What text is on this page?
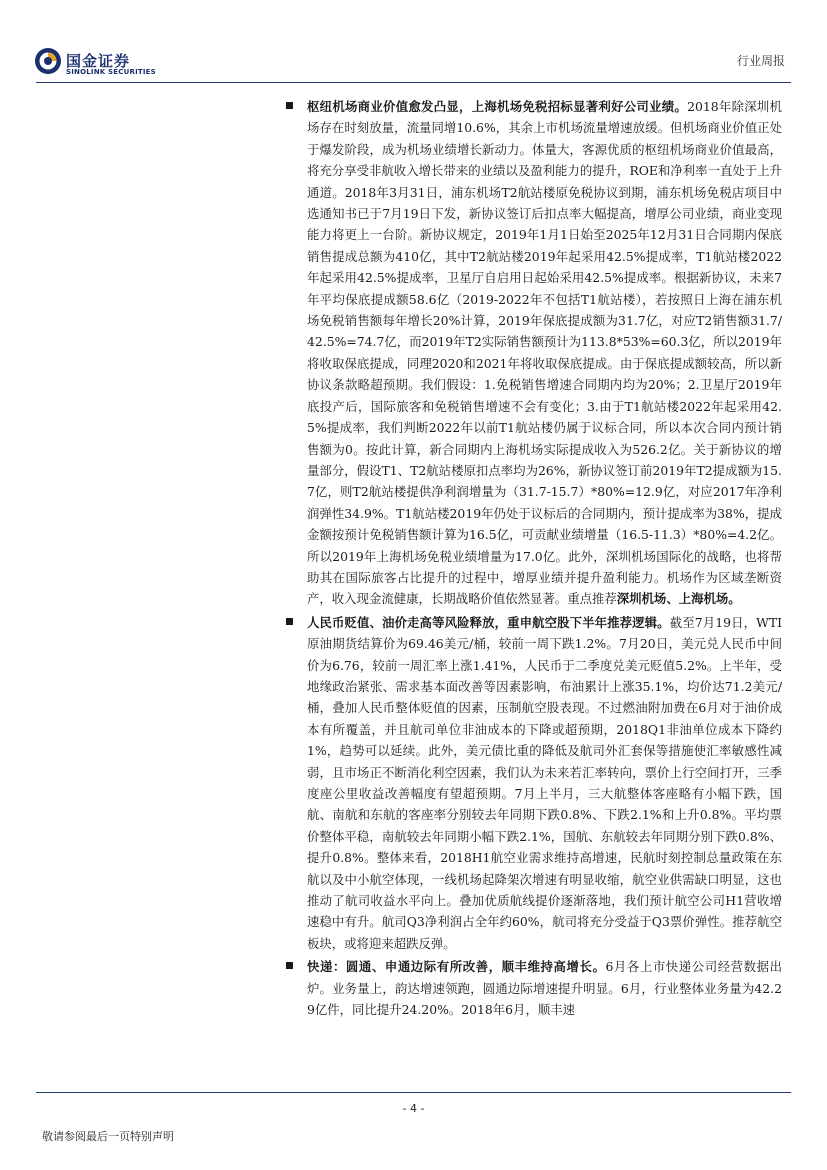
国金证券
SINOLINK SECURITIES
行业周报
枢纽机场商业价值愈发凸显，上海机场免税招标显著利好公司业绩。2018年除深圳机场存在时刻放量，流量同增10.6%，其余上市机场流量增速放缓。但机场商业价值正处于爆发阶段，成为机场业绩增长新动力。体量大，客源优质的枢纽机场商业价值最高，将充分享受非航收入增长带来的业绩以及盈利能力的提升，ROE和净利率一直处于上升通道。2018年3月31日，浦东机场T2航站楼原免税协议到期，浦东机场免税店项目中选通知书已于7月19日下发，新协议签订后扣点率大幅提高，增厚公司业绩，商业变现能力将更上一台阶。新协议规定，2019年1月1日始至2025年12月31日合同期内保底销售提成总额为410亿，其中T2航站楼2019年起采用42.5%提成率，T1航站楼2022年起采用42.5%提成率，卫星厅自启用日起始采用42.5%提成率。根据新协议，未来7年平均保底提成额58.6亿（2019-2022年不包括T1航站楼），若按照日上海在浦东机场免税销售额每年增长20%计算，2019年保底提成额为31.7亿，对应T2销售额31.7/42.5%=74.7亿，而2019年T2实际销售额预计为113.8*53%=60.3亿，所以2019年将收取保底提成，同理2020和2021年将收取保底提成。由于保底提成额较高，所以新协议条款略超预期。我们假设：1.免税销售增速合同期内均为20%；2.卫星厅2019年底投产后，国际旅客和免税销售增速不会有变化；3.由于T1航站楼2022年起采用42.5%提成率，我们判断2022年以前T1航站楼仍属于议标合同，所以本次合同内预计销售额为0。按此计算，新合同期内上海机场实际提成收入为526.2亿。关于新协议的增量部分，假设T1、T2航站楼原扣点率均为26%，新协议签订前2019年T2提成额为15.7亿，则T2航站楼提供净利润增量为（31.7-15.7）*80%=12.9亿，对应2017年净利润弹性34.9%。T1航站楼2019年仍处于议标后的合同期内，预计提成率为38%，提成金额按预计免税销售额计算为16.5亿，可贡献业绩增量（16.5-11.3）*80%=4.2亿。所以2019年上海机场免税业绩增量为17.0亿。此外，深圳机场国际化的战略，也将帮助其在国际旅客占比提升的过程中，增厚业绩并提升盈利能力。机场作为区域垄断资产，收入现金流健康，长期战略价值依然显著。重点推荐深圳机场、上海机场。
人民币贬值、油价走高等风险释放，重申航空股下半年推荐逻辑。截至7月19日，WTI原油期货结算价为69.46美元/桶，较前一周下跌1.2%。7月20日，美元兑人民币中间价为6.76，较前一周汇率上涨1.41%，人民币于二季度兑美元贬值5.2%。上半年，受地缘政治紧张、需求基本面改善等因素影响，布油累计上涨35.1%，均价达71.2美元/桶，叠加人民币整体贬值的因素，压制航空股表现。不过燃油附加费在6月对于油价成本有所覆盖，并且航司单位非油成本的下降或超预期，2018Q1非油单位成本下降约1%，趋势可以延续。此外，美元债比重的降低及航司外汇套保等措施使汇率敏感性减弱，且市场正不断消化利空因素，我们认为未来若汇率转向，票价上行空间打开，三季度座公里收益改善幅度有望超预期。7月上半月，三大航整体客座略有小幅下跌，国航、南航和东航的客座率分别较去年同期下跌0.8%、下跌2.1%和上升0.8%。平均票价整体平稳，南航较去年同期小幅下跌2.1%，国航、东航较去年同期分别下跌0.8%、提升0.8%。整体来看，2018H1航空业需求维持高增速，民航时刻控制总量政策在东航以及中小航空体现，一线机场起降架次增速有明显收缩，航空业供需缺口明显，这也推动了航司收益水平向上。叠加优质航线提价逐渐落地，我们预计航空公司H1营收增速稳中有升。航司Q3净利润占全年约60%，航司将充分受益于Q3票价弹性。推荐航空板块，或将迎来超跌反弹。
快递：圆通、申通边际有所改善，顺丰维持高增长。6月各上市快递公司经营数据出炉。业务量上，韵达增速领跑，圆通边际增速提升明显。6月，行业整体业务量为42.29亿件，同比提升24.20%。2018年6月，顺丰速
- 4 -
敬请参阅最后一页特别声明
